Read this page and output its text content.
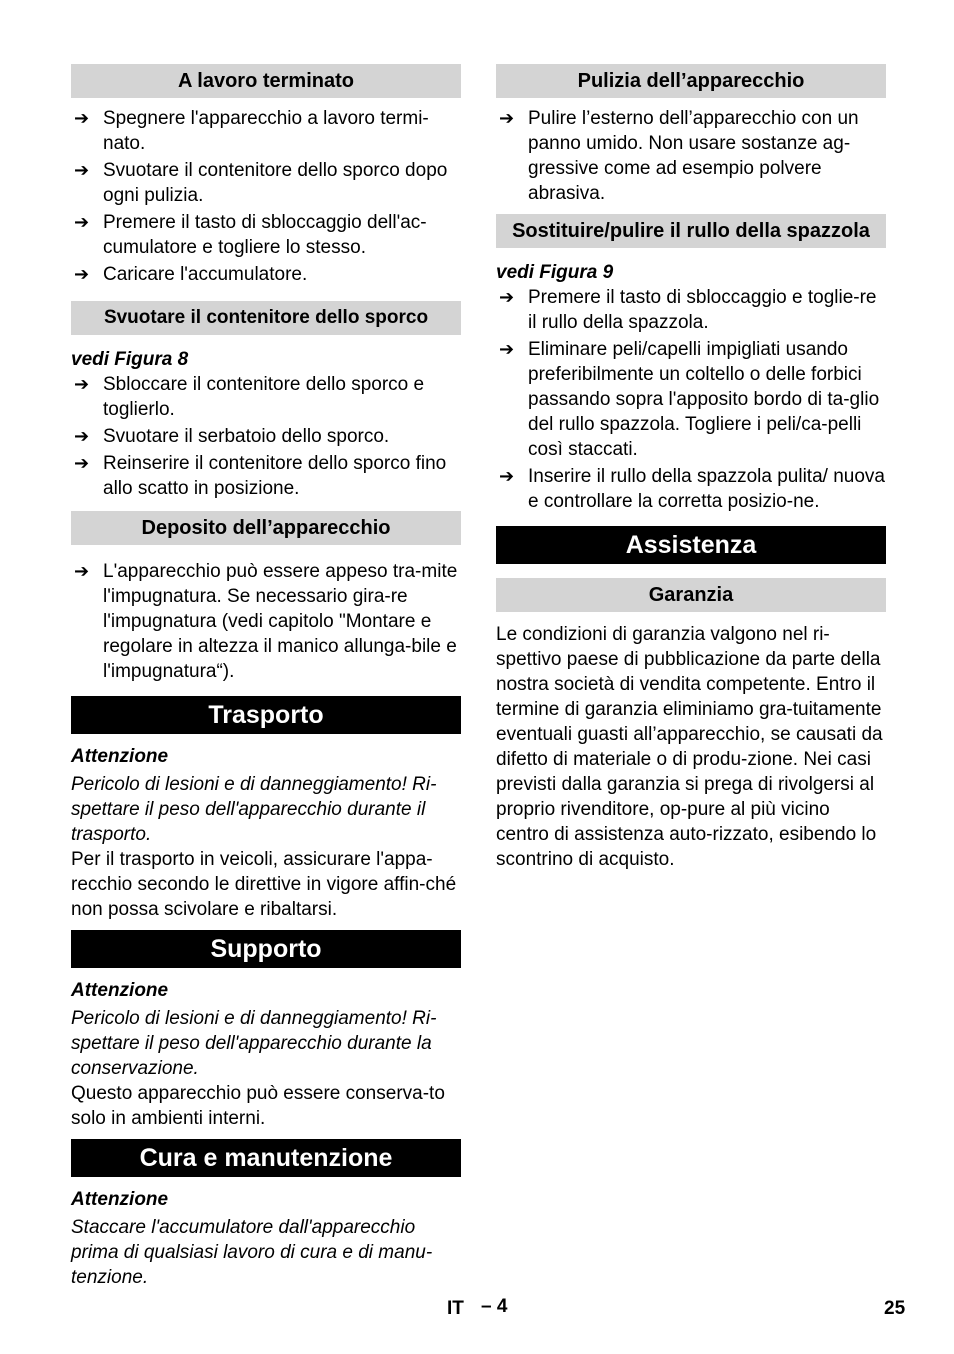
A lavoro terminato
➔ Spegnere l'apparecchio a lavoro termi-nato.
➔ Svuotare il contenitore dello sporco dopo ogni pulizia.
➔ Premere il tasto di sbloccaggio dell'ac-cumulatore e togliere lo stesso.
➔ Caricare l'accumulatore.
Svuotare il contenitore dello sporco
vedi Figura 8
➔ Sbloccare il contenitore dello sporco e toglierlo.
➔ Svuotare il serbatoio dello sporco.
➔ Reinserire il contenitore dello sporco fino allo scatto in posizione.
Deposito dell’apparecchio
➔ L'apparecchio può essere appeso tra-mite l'impugnatura. Se necessario gira-re l'impugnatura (vedi capitolo "Montare e regolare in altezza il manico allunga-bile e l'impugnatura“).
Trasporto
Attenzione
Pericolo di lesioni e di danneggiamento! Ri-spettare il peso dell'apparecchio durante il trasporto.
Per il trasporto in veicoli, assicurare l'appa-recchio secondo le direttive in vigore affin-ché non possa scivolare e ribaltarsi.
Supporto
Attenzione
Pericolo di lesioni e di danneggiamento! Ri-spettare il peso dell'apparecchio durante la conservazione.
Questo apparecchio può essere conserva-to solo in ambienti interni.
Cura e manutenzione
Attenzione
Staccare l'accumulatore dall'apparecchio prima di qualsiasi lavoro di cura e di manu-tenzione.
Pulizia dell’apparecchio
➔ Pulire l’esterno dell’apparecchio con un panno umido. Non usare sostanze ag-gressive come ad esempio polvere abrasiva.
Sostituire/pulire il rullo della spazzola
vedi Figura 9
➔ Premere il tasto di sbloccaggio e toglie-re il rullo della spazzola.
➔ Eliminare peli/capelli impigliati usando preferibilmente un coltello o delle forbici passando sopra l'apposito bordo di ta-glio del rullo spazzola. Togliere i peli/ca-pelli così staccati.
➔ Inserire il rullo della spazzola pulita/ nuova e controllare la corretta posizio-ne.
Assistenza
Garanzia
Le condizioni di garanzia valgono nel ri-spettivo paese di pubblicazione da parte della nostra società di vendita competente. Entro il termine di garanzia eliminiamo gra-tuitamente eventuali guasti all’apparecchio, se causati da difetto di materiale o di produ-zione. Nei casi previsti dalla garanzia si prega di rivolgersi al proprio rivenditore, op-pure al più vicino centro di assistenza auto-rizzato, esibendo lo scontrino di acquisto.
IT – 4	25
